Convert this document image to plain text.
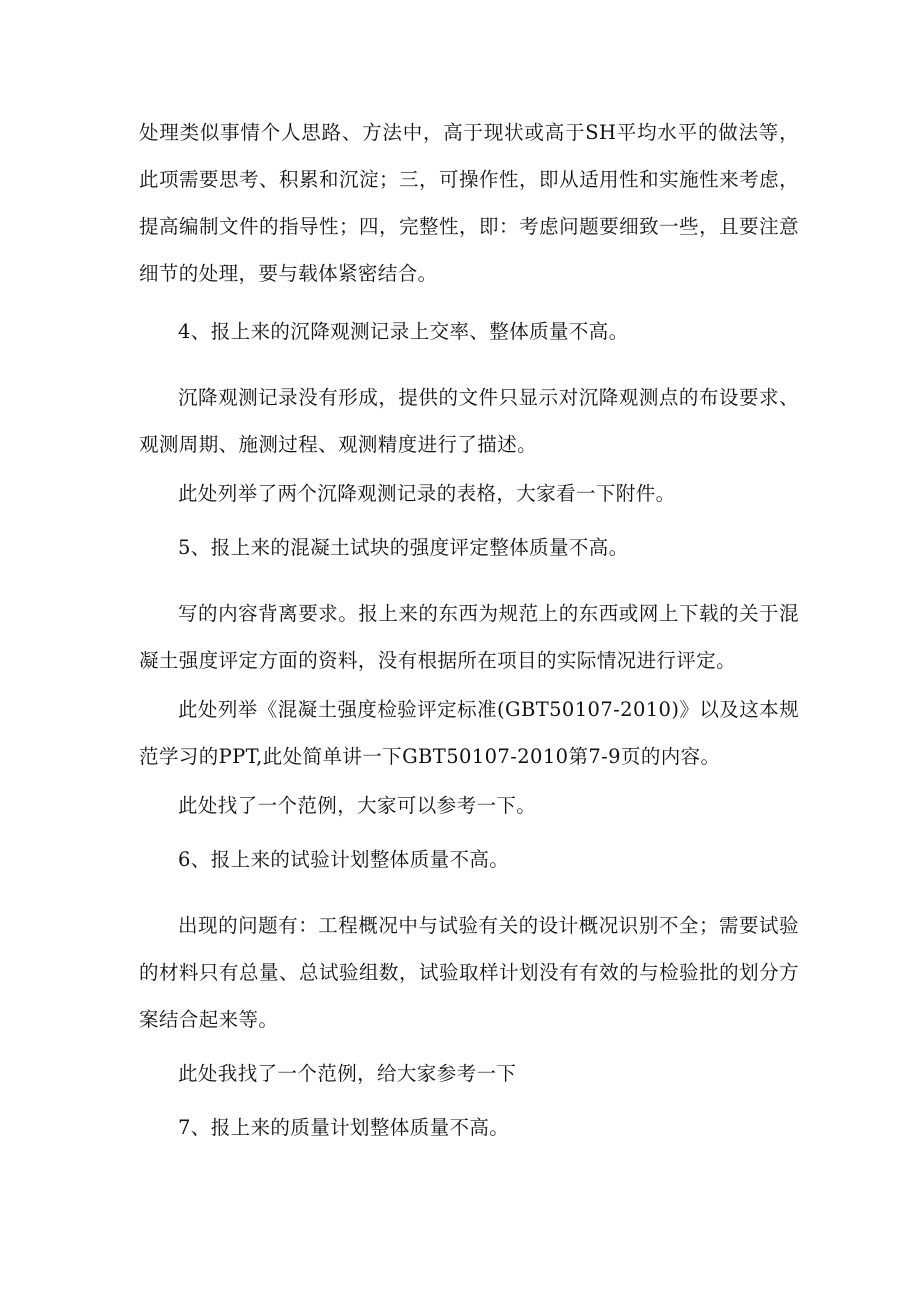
处理类似事情个人思路、方法中，高于现状或高于SH平均水平的做法等，此项需要思考、积累和沉淀；三，可操作性，即从适用性和实施性来考虑，提高编制文件的指导性；四，完整性，即：考虑问题要细致一些，且要注意细节的处理，要与载体紧密结合。

4、报上来的沉降观测记录上交率、整体质量不高。

沉降观测记录没有形成，提供的文件只显示对沉降观测点的布设要求、观测周期、施测过程、观测精度进行了描述。

此处列举了两个沉降观测记录的表格，大家看一下附件。

5、报上来的混凝土试块的强度评定整体质量不高。

写的内容背离要求。报上来的东西为规范上的东西或网上下载的关于混凝土强度评定方面的资料，没有根据所在项目的实际情况进行评定。

此处列举《混凝土强度检验评定标准(GBT50107-2010)》以及这本规范学习的PPT,此处简单讲一下GBT50107-2010第7-9页的内容。

此处找了一个范例，大家可以参考一下。

6、报上来的试验计划整体质量不高。

出现的问题有：工程概况中与试验有关的设计概况识别不全；需要试验的材料只有总量、总试验组数，试验取样计划没有有效的与检验批的划分方案结合起来等。

此处我找了一个范例，给大家参考一下

7、报上来的质量计划整体质量不高。
